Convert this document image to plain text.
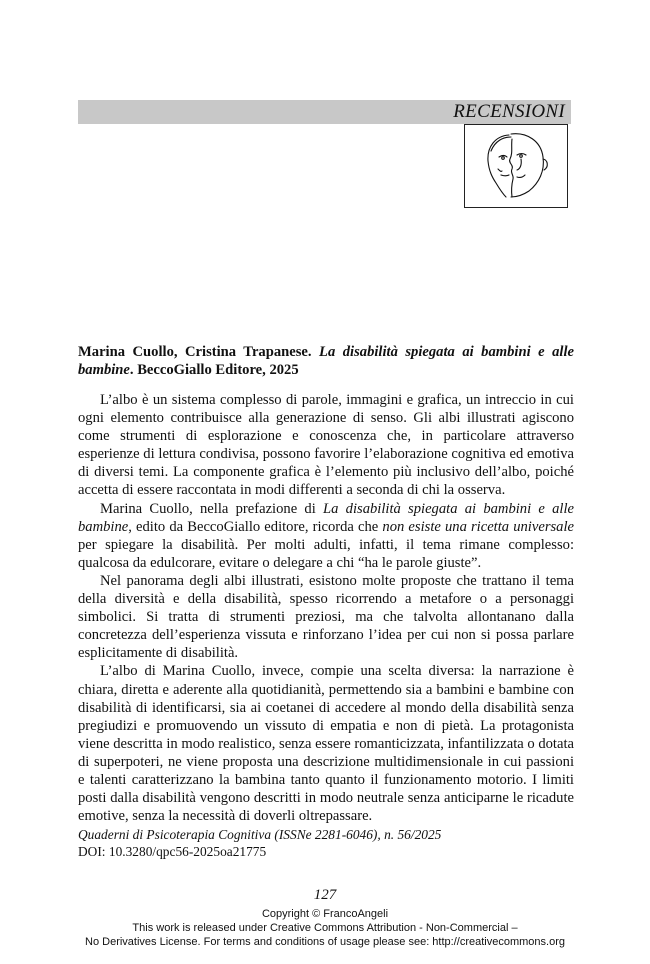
RECENSIONI
Marina Cuollo, Cristina Trapanese. La disabilità spiegata ai bambini e alle bambine. BeccoGiallo Editore, 2025

L’albo è un sistema complesso di parole, immagini e grafica, un intreccio in cui ogni elemento contribuisce alla generazione di senso. Gli albi illustrati agiscono come strumenti di esplorazione e conoscenza che, in particolare attraverso esperienze di lettura condivisa, possono favorire l’elaborazione cognitiva ed emotiva di diversi temi. La componente grafica è l’elemento più inclusivo dell’albo, poiché accetta di essere raccontata in modi differenti a seconda di chi la osserva.

Marina Cuollo, nella prefazione di La disabilità spiegata ai bambini e alle bambine, edito da BeccoGiallo editore, ricorda che non esiste una ricetta universale per spiegare la disabilità. Per molti adulti, infatti, il tema rimane complesso: qualcosa da edulcorare, evitare o delegare a chi “ha le parole giuste”.

Nel panorama degli albi illustrati, esistono molte proposte che trattano il tema della diversità e della disabilità, spesso ricorrendo a metafore o a personaggi simbolici. Si tratta di strumenti preziosi, ma che talvolta allontanano dalla concretezza dell’esperienza vissuta e rinforzano l’idea per cui non si possa parlare esplicitamente di disabilità.

L’albo di Marina Cuollo, invece, compie una scelta diversa: la narrazione è chiara, diretta e aderente alla quotidianità, permettendo sia a bambini e bambine con disabilità di identificarsi, sia ai coetanei di accedere al mondo della disabilità senza pregiudizi e promuovendo un vissuto di empatia e non di pietà. La protagonista viene descritta in modo realistico, senza essere romanticizzata, infantilizzata o dotata di superpoteri, ne viene proposta una descrizione multidimensionale in cui passioni e talenti caratterizzano la bambina tanto quanto il funzionamento motorio. I limiti posti dalla disabilità vengono descritti in modo neutrale senza anticiparne le ricadute emotive, senza la necessità di doverli oltrepassare.

Quaderni di Psicoterapia Cognitiva (ISSNe 2281-6046), n. 56/2025
DOI: 10.3280/qpc56-2025oa21775
127
Copyright © FrancoAngeli
This work is released under Creative Commons Attribution - Non-Commercial –
No Derivatives License. For terms and conditions of usage please see: http://creativecommons.org
